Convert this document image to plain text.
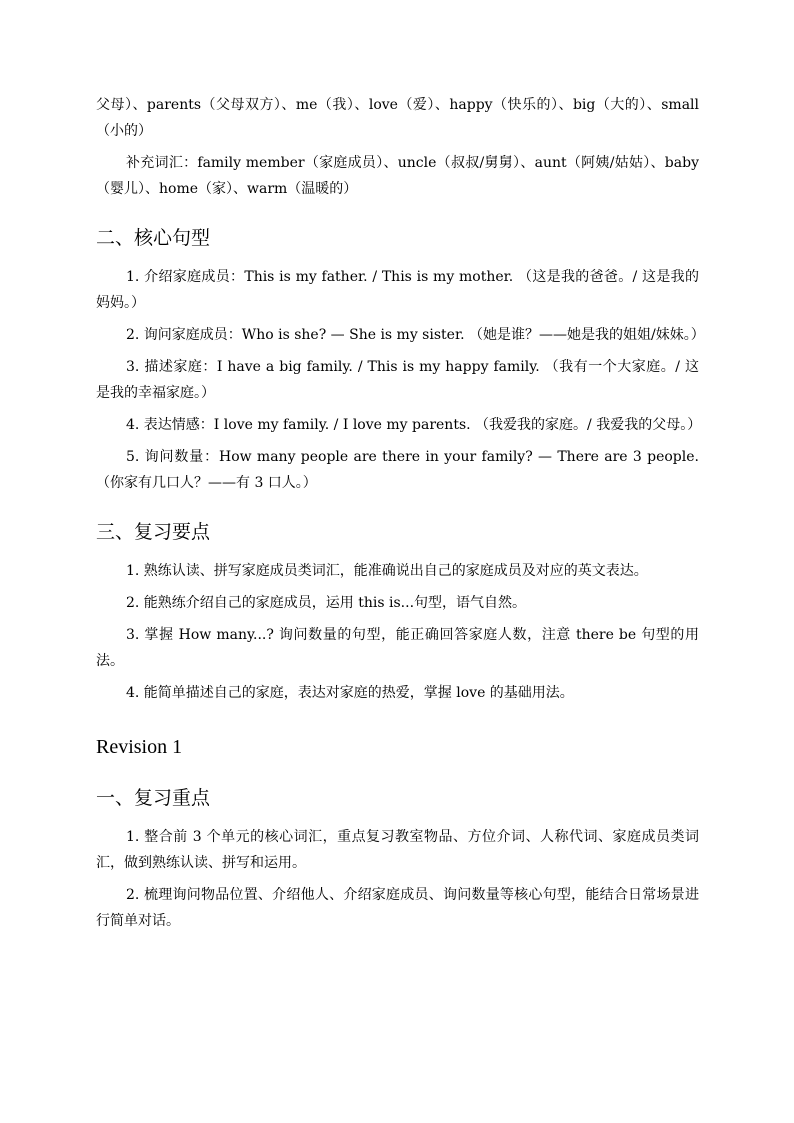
父母）、parents（父母双方）、me（我）、love（爱）、happy（快乐的）、big（大的）、small（小的）

补充词汇：family member（家庭成员）、uncle（叔叔/舅舅）、aunt（阿姨/姑姑）、baby（婴儿）、home（家）、warm（温暖的）

二、核心句型

1. 介绍家庭成员：This is my father. / This is my mother. （这是我的爸爸。/ 这是我的妈妈。）

2. 询问家庭成员：Who is she? — She is my sister. （她是谁？——她是我的姐姐/妹妹。）

3. 描述家庭：I have a big family. / This is my happy family. （我有一个大家庭。/ 这是我的幸福家庭。）

4. 表达情感：I love my family. / I love my parents. （我爱我的家庭。/ 我爱我的父母。）

5. 询问数量：How many people are there in your family? — There are 3 people. （你家有几口人？——有 3 口人。）

三、复习要点

1. 熟练认读、拼写家庭成员类词汇，能准确说出自己的家庭成员及对应的英文表达。

2. 能熟练介绍自己的家庭成员，运用 this is...句型，语气自然。

3. 掌握 How many...? 询问数量的句型，能正确回答家庭人数，注意 there be 句型的用法。

4. 能简单描述自己的家庭，表达对家庭的热爱，掌握 love 的基础用法。

Revision 1
一、复习重点

1. 整合前 3 个单元的核心词汇，重点复习教室物品、方位介词、人称代词、家庭成员类词汇，做到熟练认读、拼写和运用。

2. 梳理询问物品位置、介绍他人、介绍家庭成员、询问数量等核心句型，能结合日常场景进行简单对话。
